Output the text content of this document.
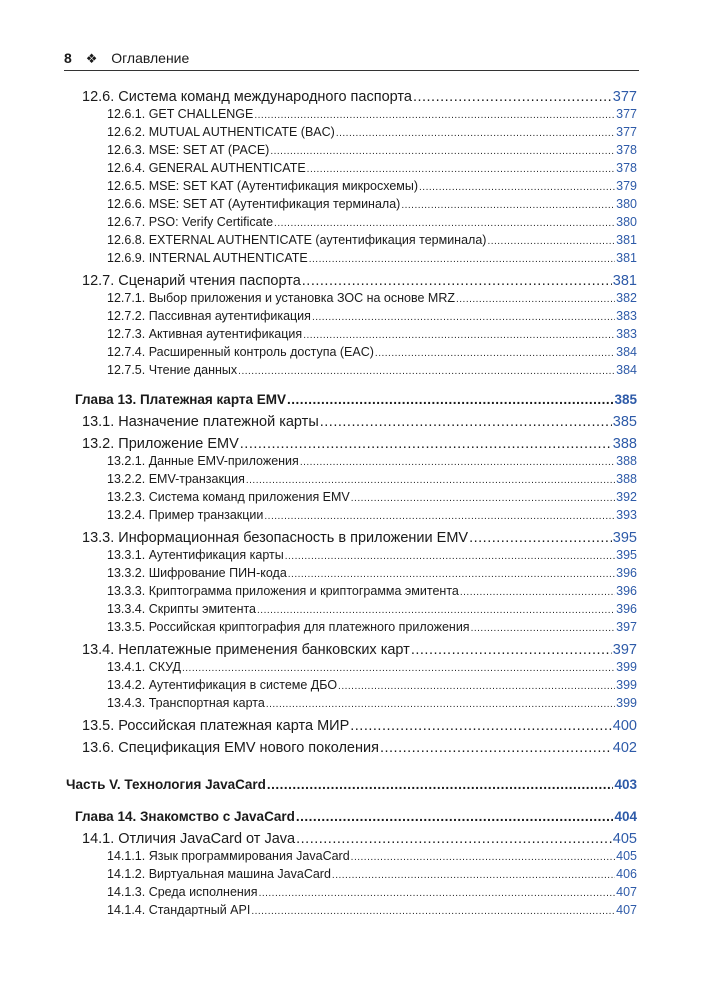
8 ❖ Оглавление
12.6. Система команд международного паспорта .....	377
12.6.1. GET CHALLENGE .....	377
12.6.2. MUTUAL AUTHENTICATE (BAC) .....	377
12.6.3. MSE: SET AT (PACE) .....	378
12.6.4. GENERAL AUTHENTICATE .....	378
12.6.5. MSE: SET KAT (Аутентификация микросхемы) .....	379
12.6.6. MSE: SET AT (Аутентификация терминала) .....	380
12.6.7. PSO: Verify Certificate .....	380
12.6.8. EXTERNAL AUTHENTICATE (аутентификация терминала) .....	381
12.6.9. INTERNAL AUTHENTICATE .....	381
12.7. Сценарий чтения паспорта .....	381
12.7.1. Выбор приложения и установка ЗОС на основе MRZ .....	382
12.7.2. Пассивная аутентификация .....	383
12.7.3. Активная аутентификация .....	383
12.7.4. Расширенный контроль доступа (EAC) .....	384
12.7.5. Чтение данных .....	384
Глава 13. Платежная карта EMV .....	385
13.1. Назначение платежной карты .....	385
13.2. Приложение EMV .....	388
13.2.1. Данные EMV-приложения .....	388
13.2.2. EMV-транзакция .....	388
13.2.3. Система команд приложения EMV .....	392
13.2.4. Пример транзакции .....	393
13.3. Информационная безопасность в приложении EMV .....	395
13.3.1. Аутентификация карты .....	395
13.3.2. Шифрование ПИН-кода .....	396
13.3.3. Криптограмма приложения и криптограмма эмитента .....	396
13.3.4. Скрипты эмитента .....	396
13.3.5. Российская криптография для платежного приложения .....	397
13.4. Неплатежные применения банковских карт .....	397
13.4.1. СКУД .....	399
13.4.2. Аутентификация в системе ДБО .....	399
13.4.3. Транспортная карта .....	399
13.5. Российская платежная карта МИР .....	400
13.6. Спецификация EMV нового поколения .....	402
Часть V. Технология JavaCard .....	403
Глава 14. Знакомство с JavaCard .....	404
14.1. Отличия JavaCard от Java .....	405
14.1.1. Язык программирования JavaCard .....	405
14.1.2. Виртуальная машина JavaCard .....	406
14.1.3. Среда исполнения .....	407
14.1.4. Стандартный API .....	407
